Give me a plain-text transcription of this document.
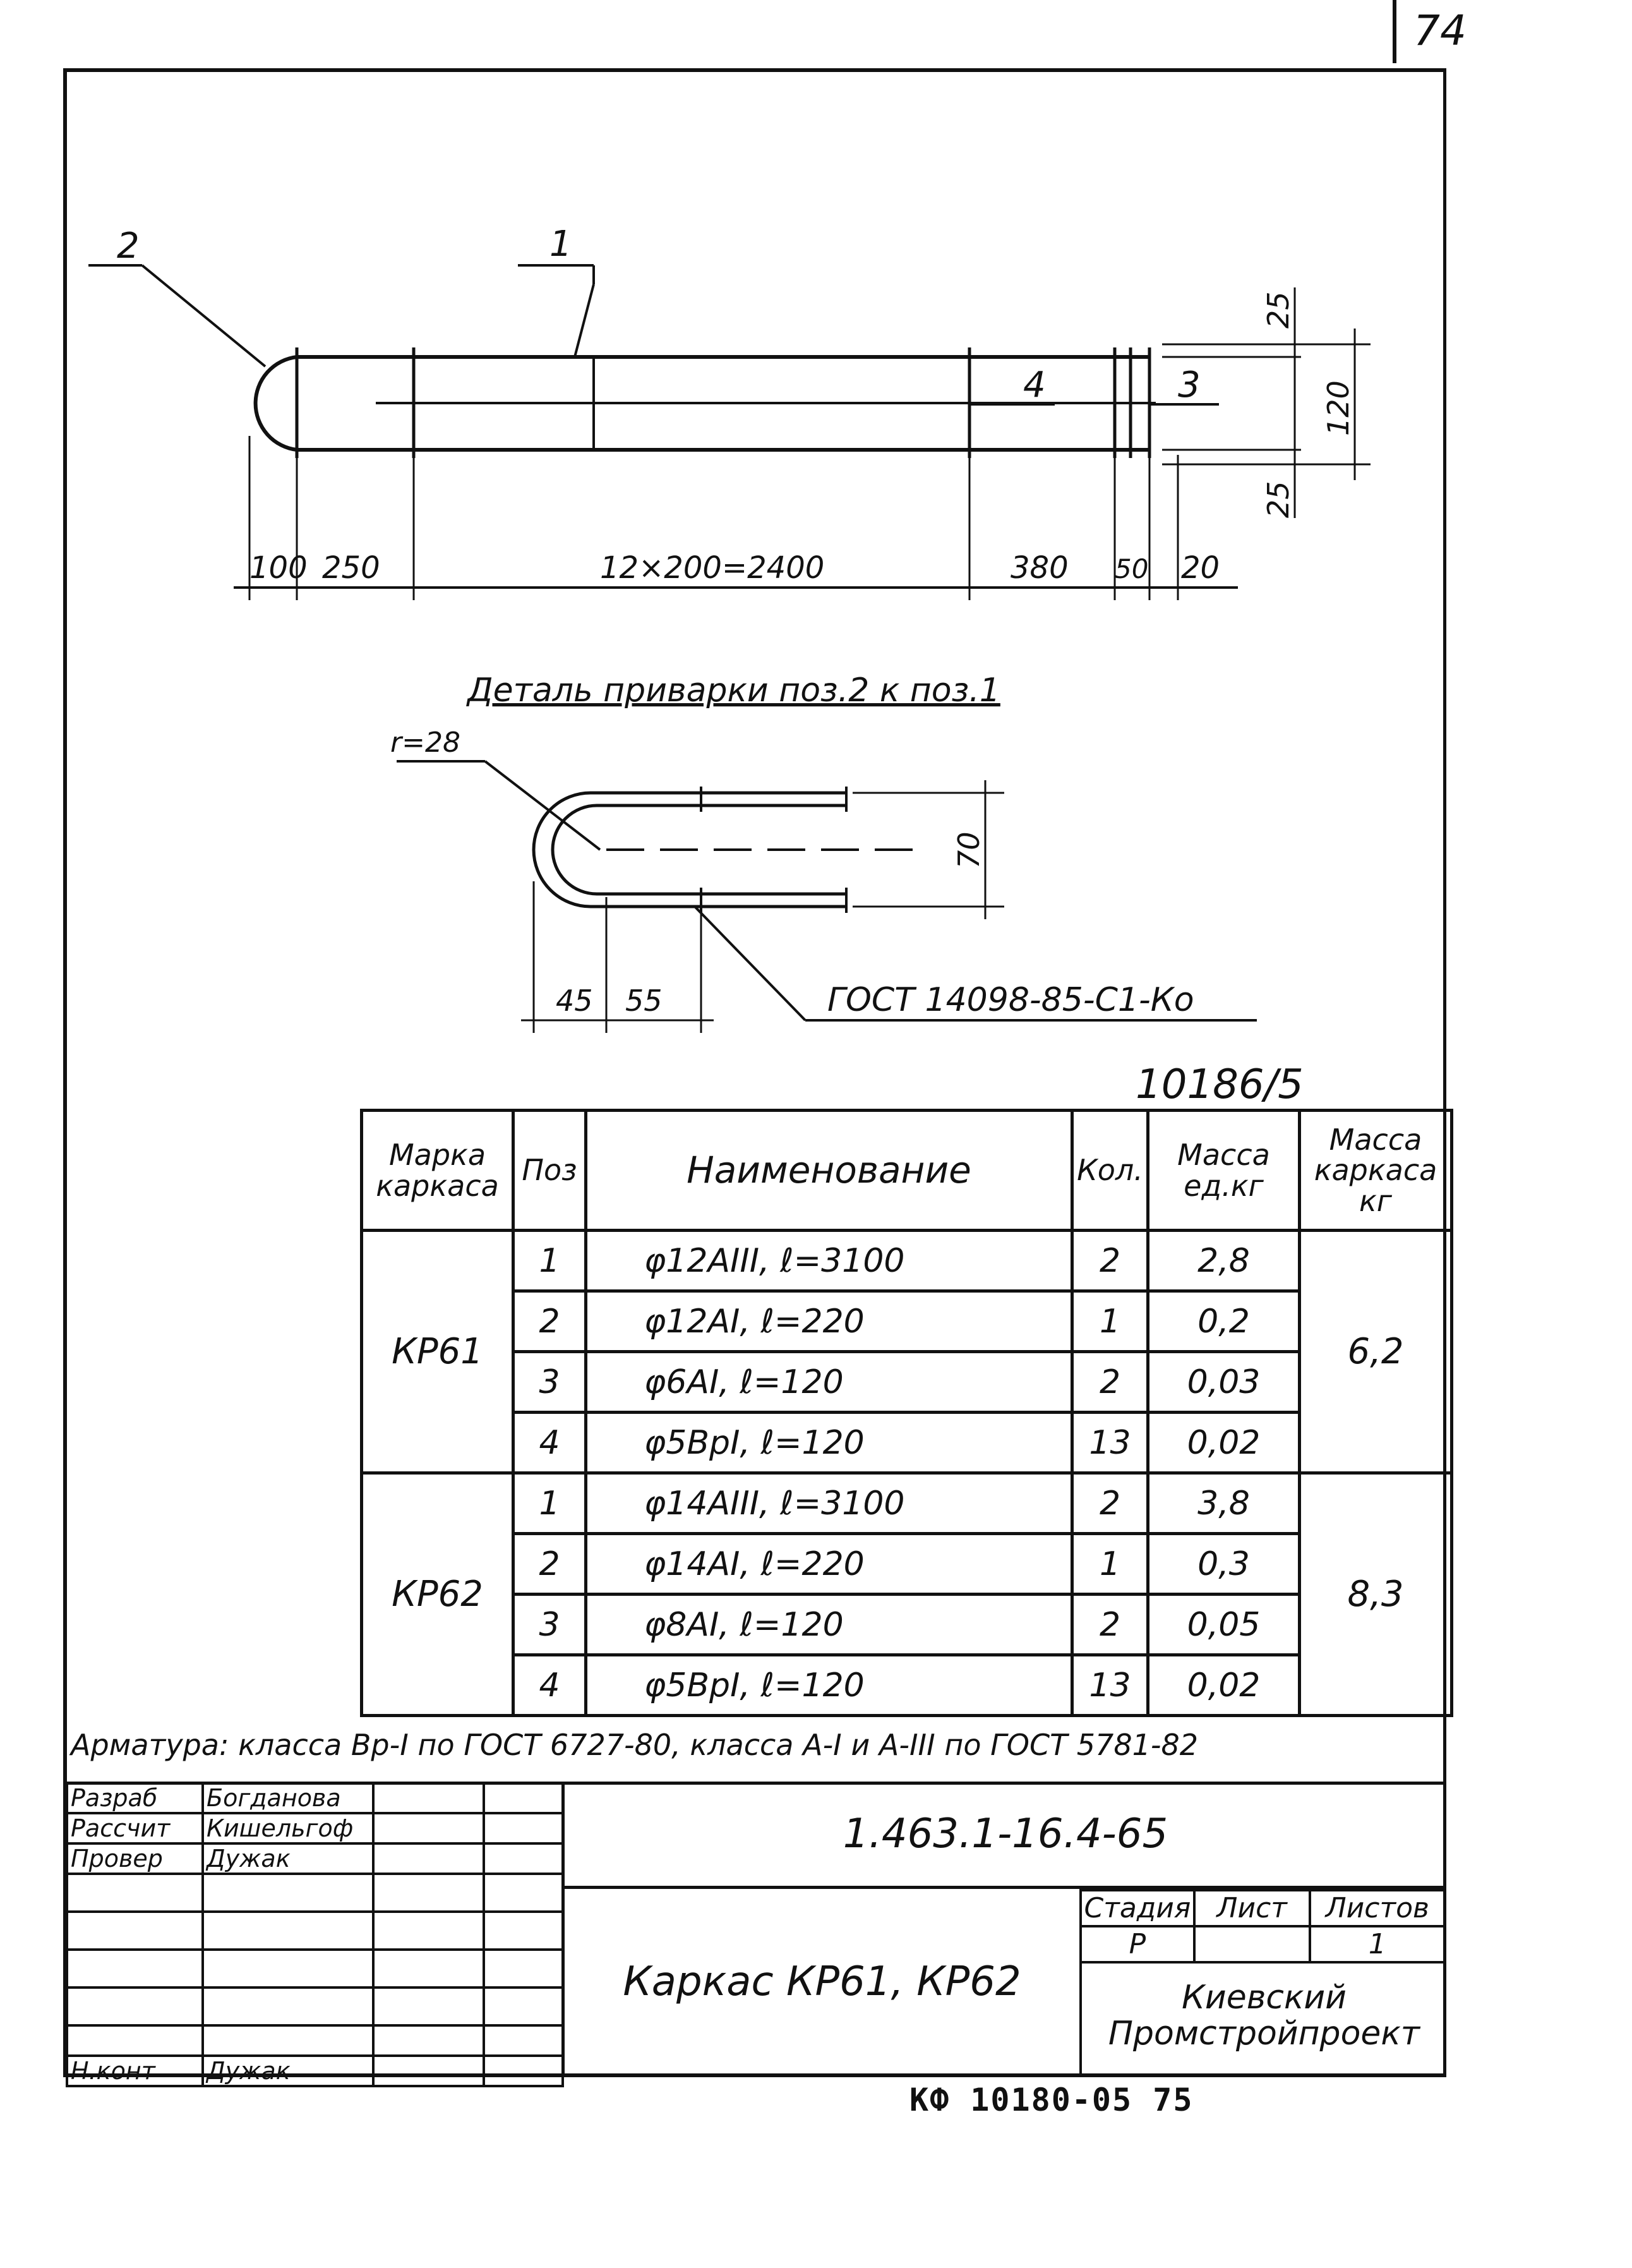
74
2	1
4	3
100 250	12×200=2400	380 50 20
25
120
25
Деталь приварки поз.2 к поз.1
r=28
70
45 55	ГОСТ 14098-85-С1-Ко
10186/5
Марка каркаса	Поз	Наименование	Кол.	Масса ед.кг	Масса каркаса кг
КР61	1	φ12АIII, ℓ=3100	2	2,8	6,2
	2	φ12АI, ℓ=220	1	0,2	
	3	φ6АI, ℓ=120	2	0,03	
	4	φ5ВрI, ℓ=120	13	0,02	
КР62	1	φ14АIII, ℓ=3100	2	3,8	8,3
	2	φ14АI, ℓ=220	1	0,3	
	3	φ8АI, ℓ=120	2	0,05	
	4	φ5ВрI, ℓ=120	13	0,02	
Арматура: класса Вр-I по ГОСТ 6727-80, класса А-I и А-III по ГОСТ 5781-82
Разраб	Богданова		
Рассчит	Кишельгоф		
Провер	Дужак		

Н.конт	Дужак		
1.463.1-16.4-65
Каркас КР61, КР62
Стадия	Лист	Листов
Р		1
Киевский
Промстройпроект
КФ 10180-05 75
